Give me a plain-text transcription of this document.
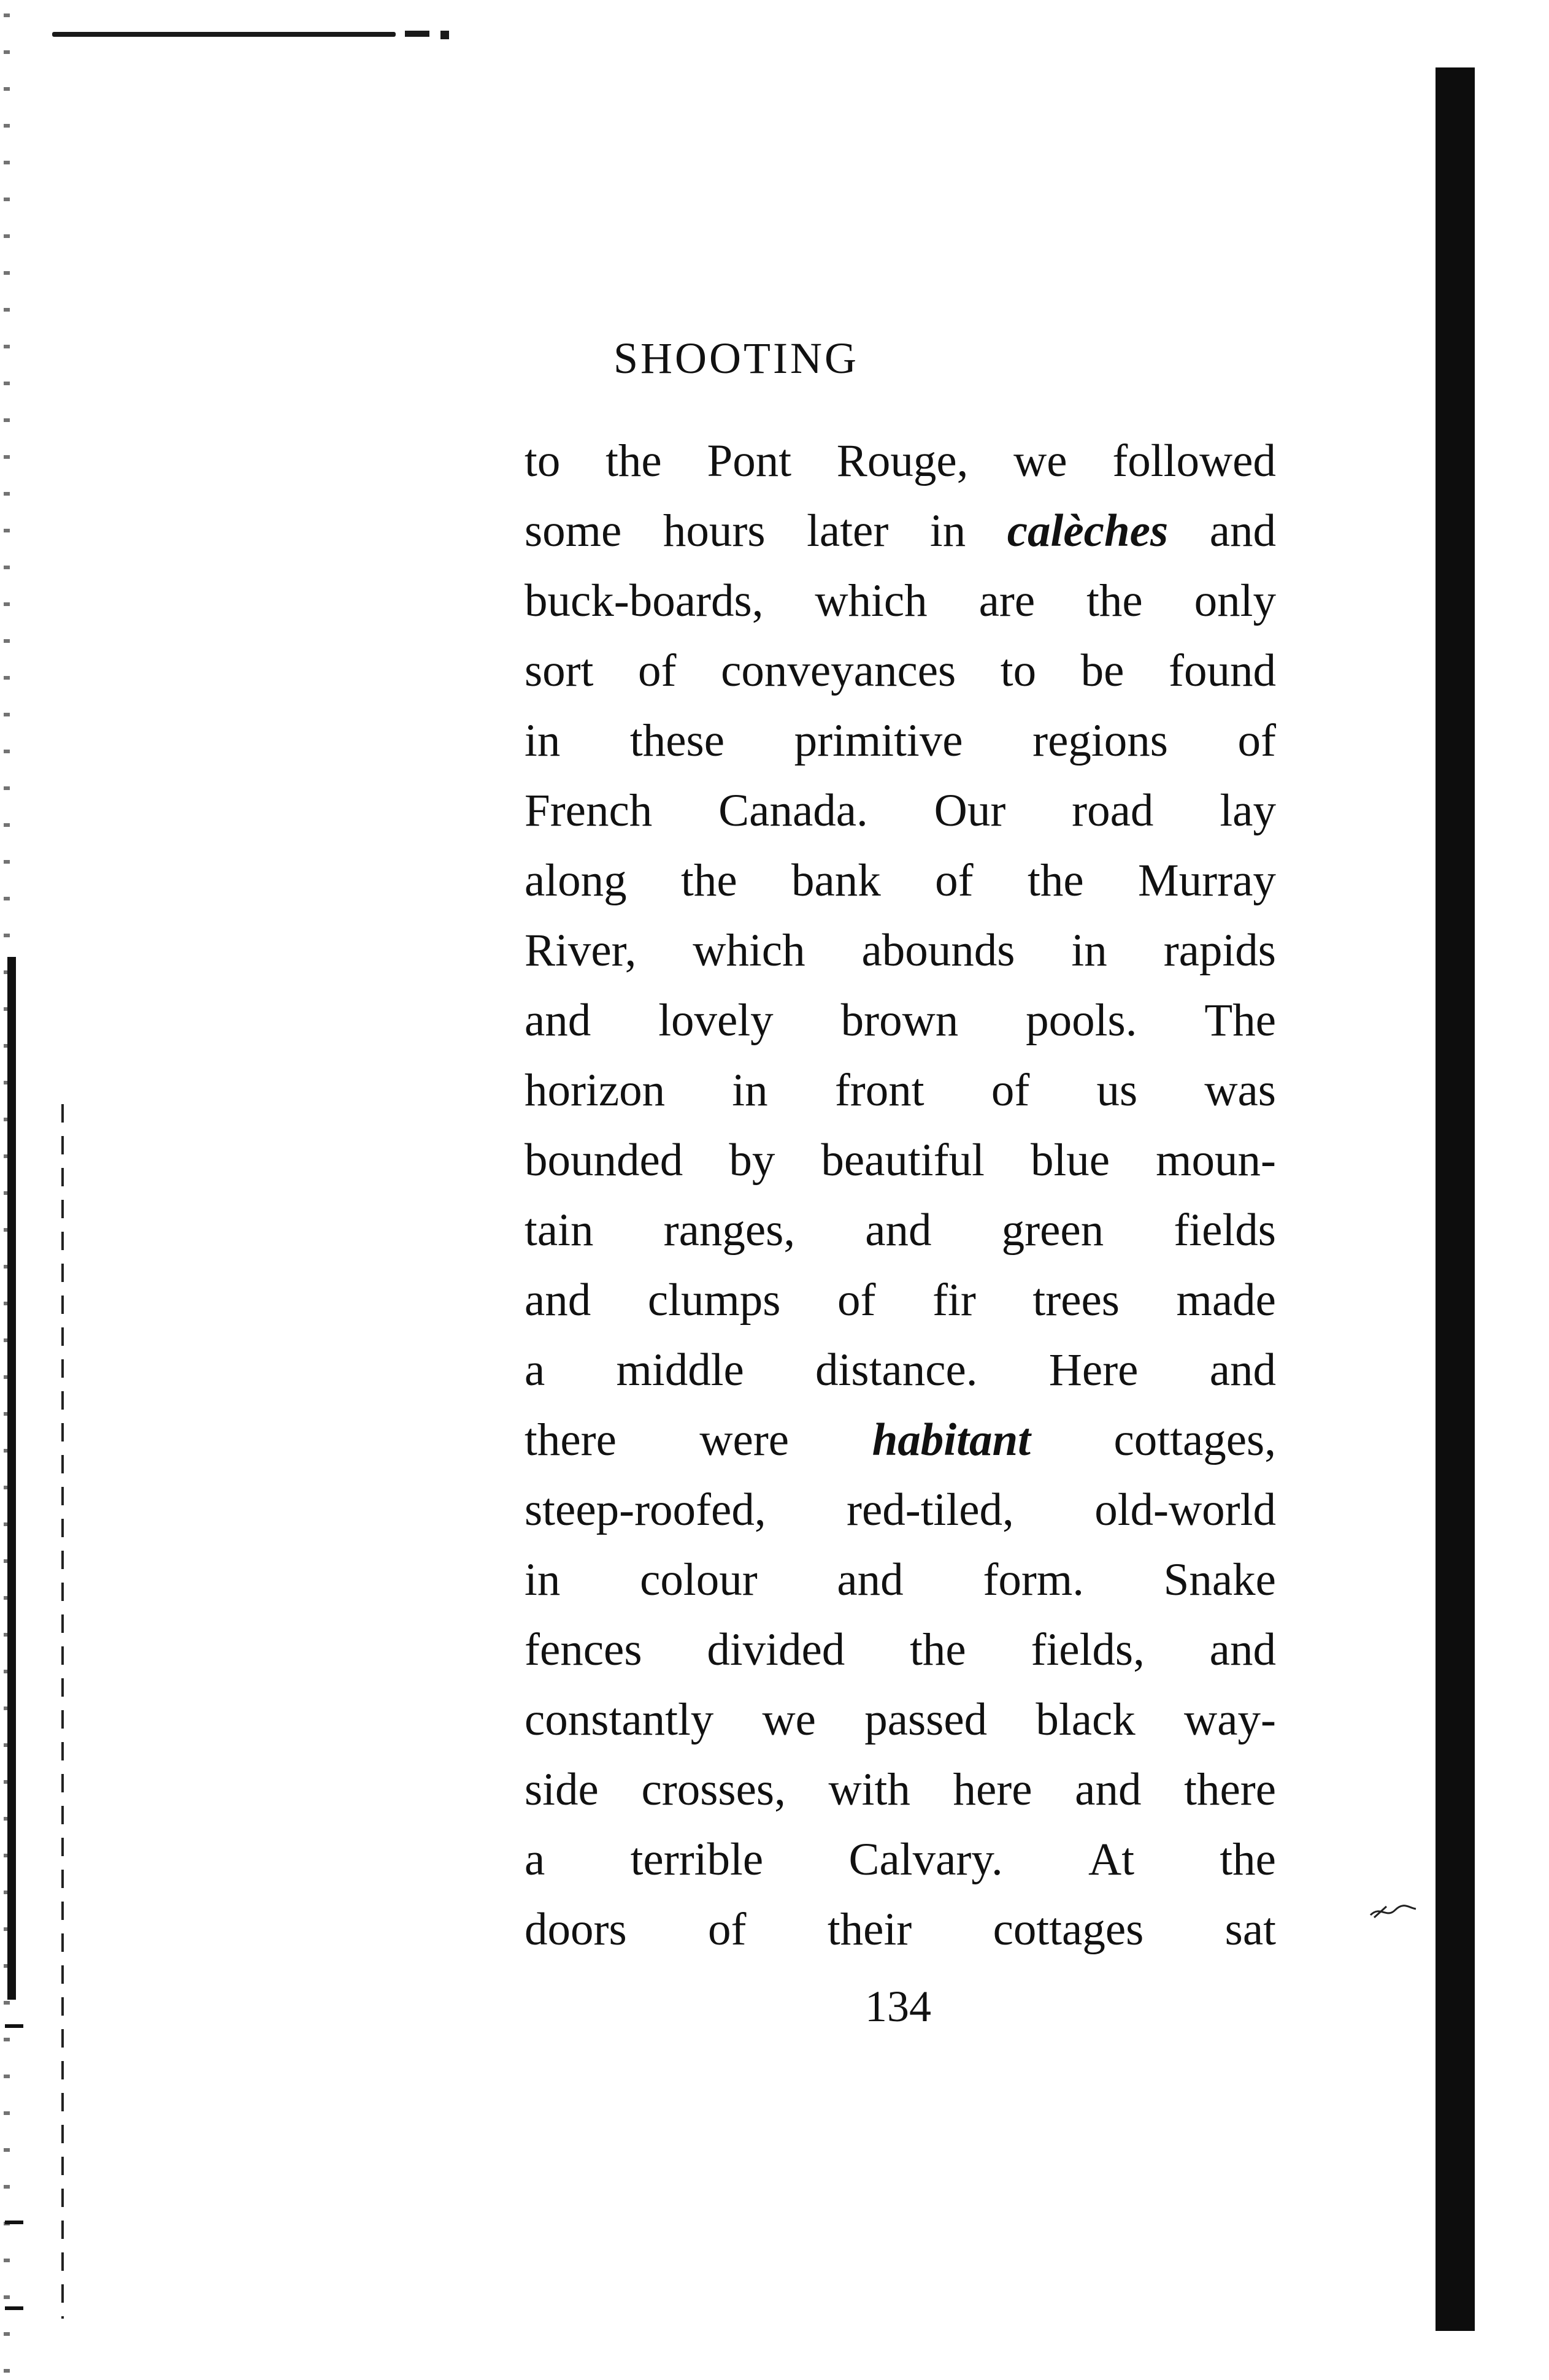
SHOOTING
to the Pont Rouge, we followed
some hours later in calèches and
buck-boards, which are the only
sort of conveyances to be found
in these primitive regions of
French Canada. Our road lay
along the bank of the Murray
River, which abounds in rapids
and lovely brown pools. The
horizon in front of us was
bounded by beautiful blue moun-
tain ranges, and green fields
and clumps of fir trees made
a middle distance. Here and
there were habitant cottages,
steep-roofed, red-tiled, old-world
in colour and form. Snake
fences divided the fields, and
constantly we passed black way-
side crosses, with here and there
a terrible Calvary. At the
doors of their cottages sat
134
